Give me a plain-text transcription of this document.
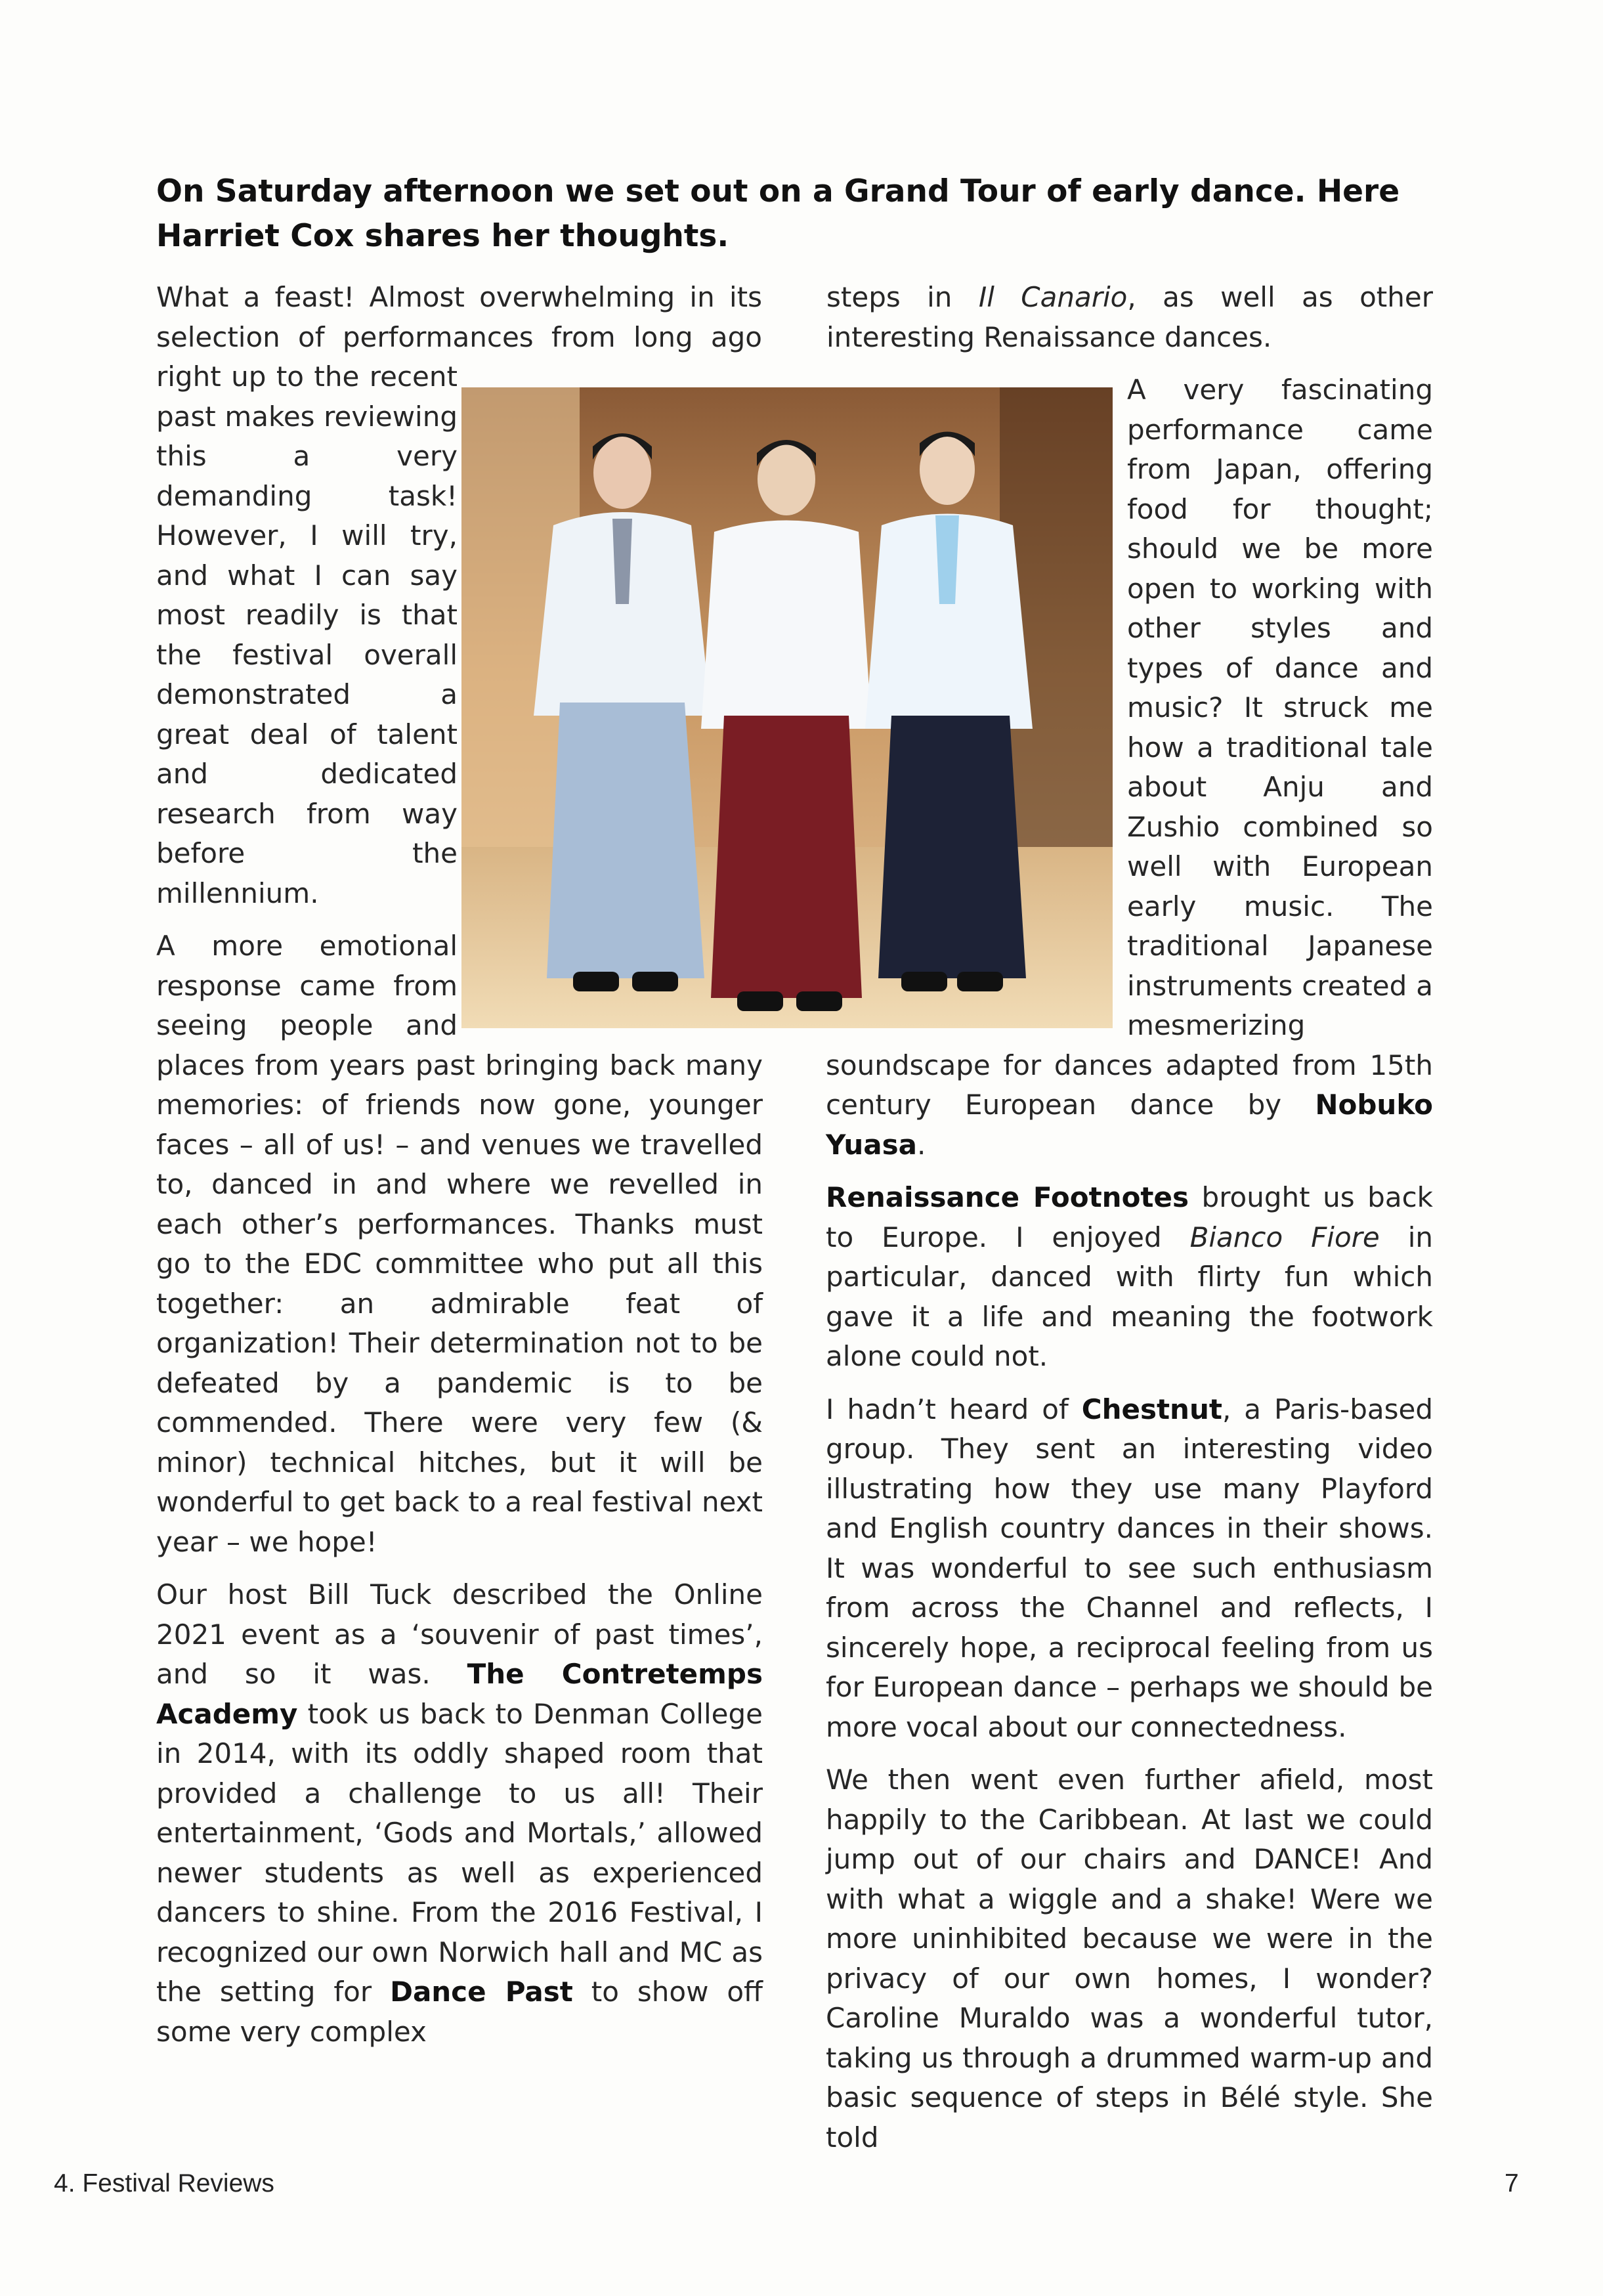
On Saturday afternoon we set out on a Grand Tour of early dance. Here Harriet Cox shares her thoughts.

What a feast! Almost overwhelming in its selection of performances from long ago right up to the recent past makes reviewing this a very demanding task! However, I will try, and what I can say most readily is that the festival overall demonstrated a great deal of talent and dedicated research from way before the millennium.

A more emotional response came from seeing people and places from years past bringing back many memories: of friends now gone, younger faces – all of us! – and venues we travelled to, danced in and where we revelled in each other’s performances. Thanks must go to the EDC committee who put all this together: an admirable feat of organization! Their determination not to be defeated by a pandemic is to be commended. There were very few (& minor) technical hitches, but it will be wonderful to get back to a real festival next year – we hope!

Our host Bill Tuck described the Online 2021 event as a ‘souvenir of past times’, and so it was. The Contretemps Academy took us back to Denman College in 2014, with its oddly shaped room that provided a challenge to us all! Their entertainment, ‘Gods and Mortals,’ allowed newer students as well as experienced dancers to shine. From the 2016 Festival, I recognized our own Norwich hall and MC as the setting for Dance Past to show off some very complex

steps in Il Canario, as well as other interesting Renaissance dances.

A very fascinating performance came from Japan, offering food for thought; should we be more open to working with other styles and types of dance and music? It struck me how a traditional tale about Anju and Zushio combined so well with European early music. The traditional Japanese instruments created a mesmerizing soundscape for dances adapted from 15th century European dance by Nobuko Yuasa.

Renaissance Footnotes brought us back to Europe. I enjoyed Bianco Fiore in particular, danced with flirty fun which gave it a life and meaning the footwork alone could not.

I hadn’t heard of Chestnut, a Paris-based group. They sent an interesting video illustrating how they use many Playford and English country dances in their shows. It was wonderful to see such enthusiasm from across the Channel and reflects, I sincerely hope, a reciprocal feeling from us for European dance – perhaps we should be more vocal about our connectedness.

We then went even further afield, most happily to the Caribbean. At last we could jump out of our chairs and DANCE! And with what a wiggle and a shake! Were we more uninhibited because we were in the privacy of our own homes, I wonder? Caroline Muraldo was a wonderful tutor, taking us through a drummed warm-up and basic sequence of steps in Bélé style. She told

4. Festival Reviews	7
